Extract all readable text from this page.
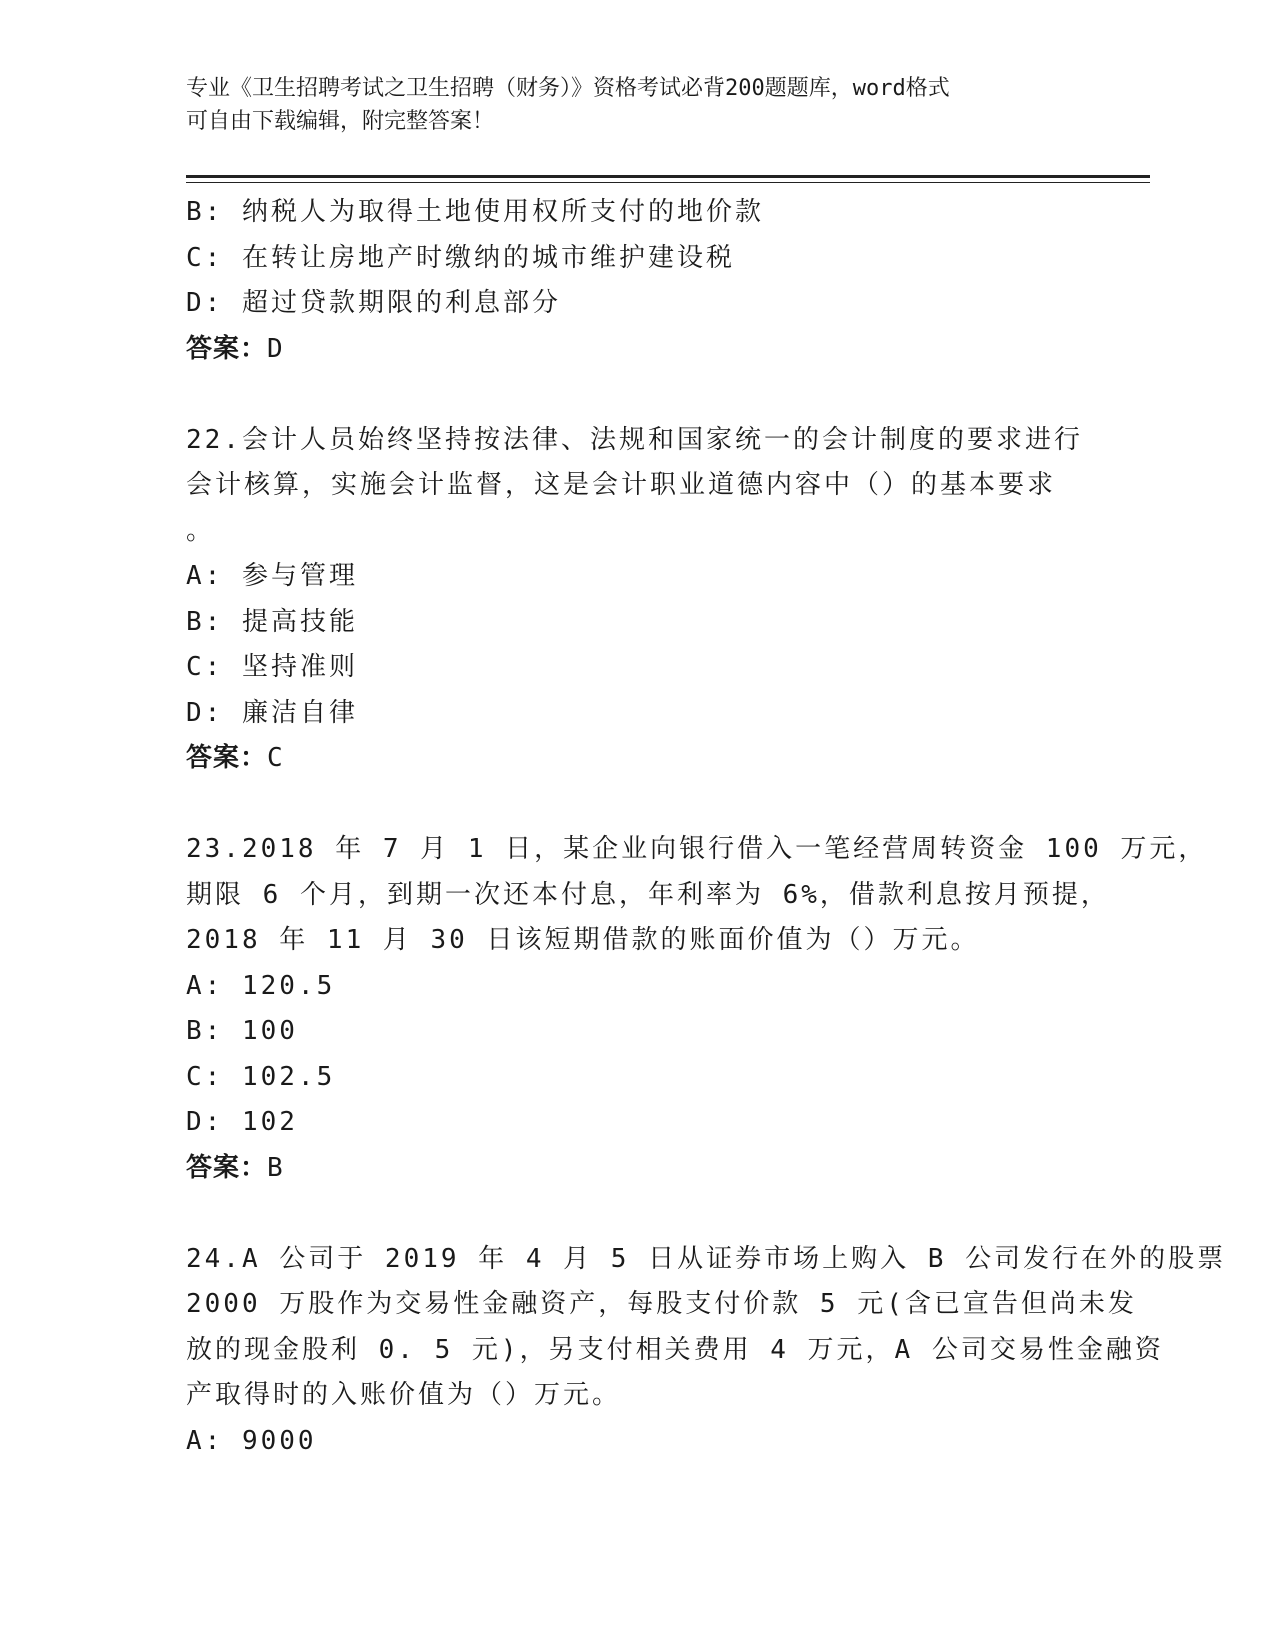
专业《卫生招聘考试之卫生招聘（财务）》资格考试必背200题题库，word格式
可自由下载编辑，附完整答案！
B: 纳税人为取得土地使用权所支付的地价款
C: 在转让房地产时缴纳的城市维护建设税
D: 超过贷款期限的利息部分
答案：D
22.会计人员始终坚持按法律、法规和国家统一的会计制度的要求进行
会计核算，实施会计监督，这是会计职业道德内容中（）的基本要求
。
A: 参与管理
B: 提高技能
C: 坚持准则
D: 廉洁自律
答案：C
23.2018 年 7 月 1 日，某企业向银行借入一笔经营周转资金 100 万元，
期限 6 个月，到期一次还本付息，年利率为 6%，借款利息按月预提，
2018 年 11 月 30 日该短期借款的账面价值为（）万元。
A: 120.5
B: 100
C: 102.5
D: 102
答案：B
24.A 公司于 2019 年 4 月 5 日从证券市场上购入 B 公司发行在外的股票
2000 万股作为交易性金融资产，每股支付价款 5 元(含已宣告但尚未发
放的现金股利 0. 5 元)，另支付相关费用 4 万元，A 公司交易性金融资
产取得时的入账价值为（）万元。
A: 9000
